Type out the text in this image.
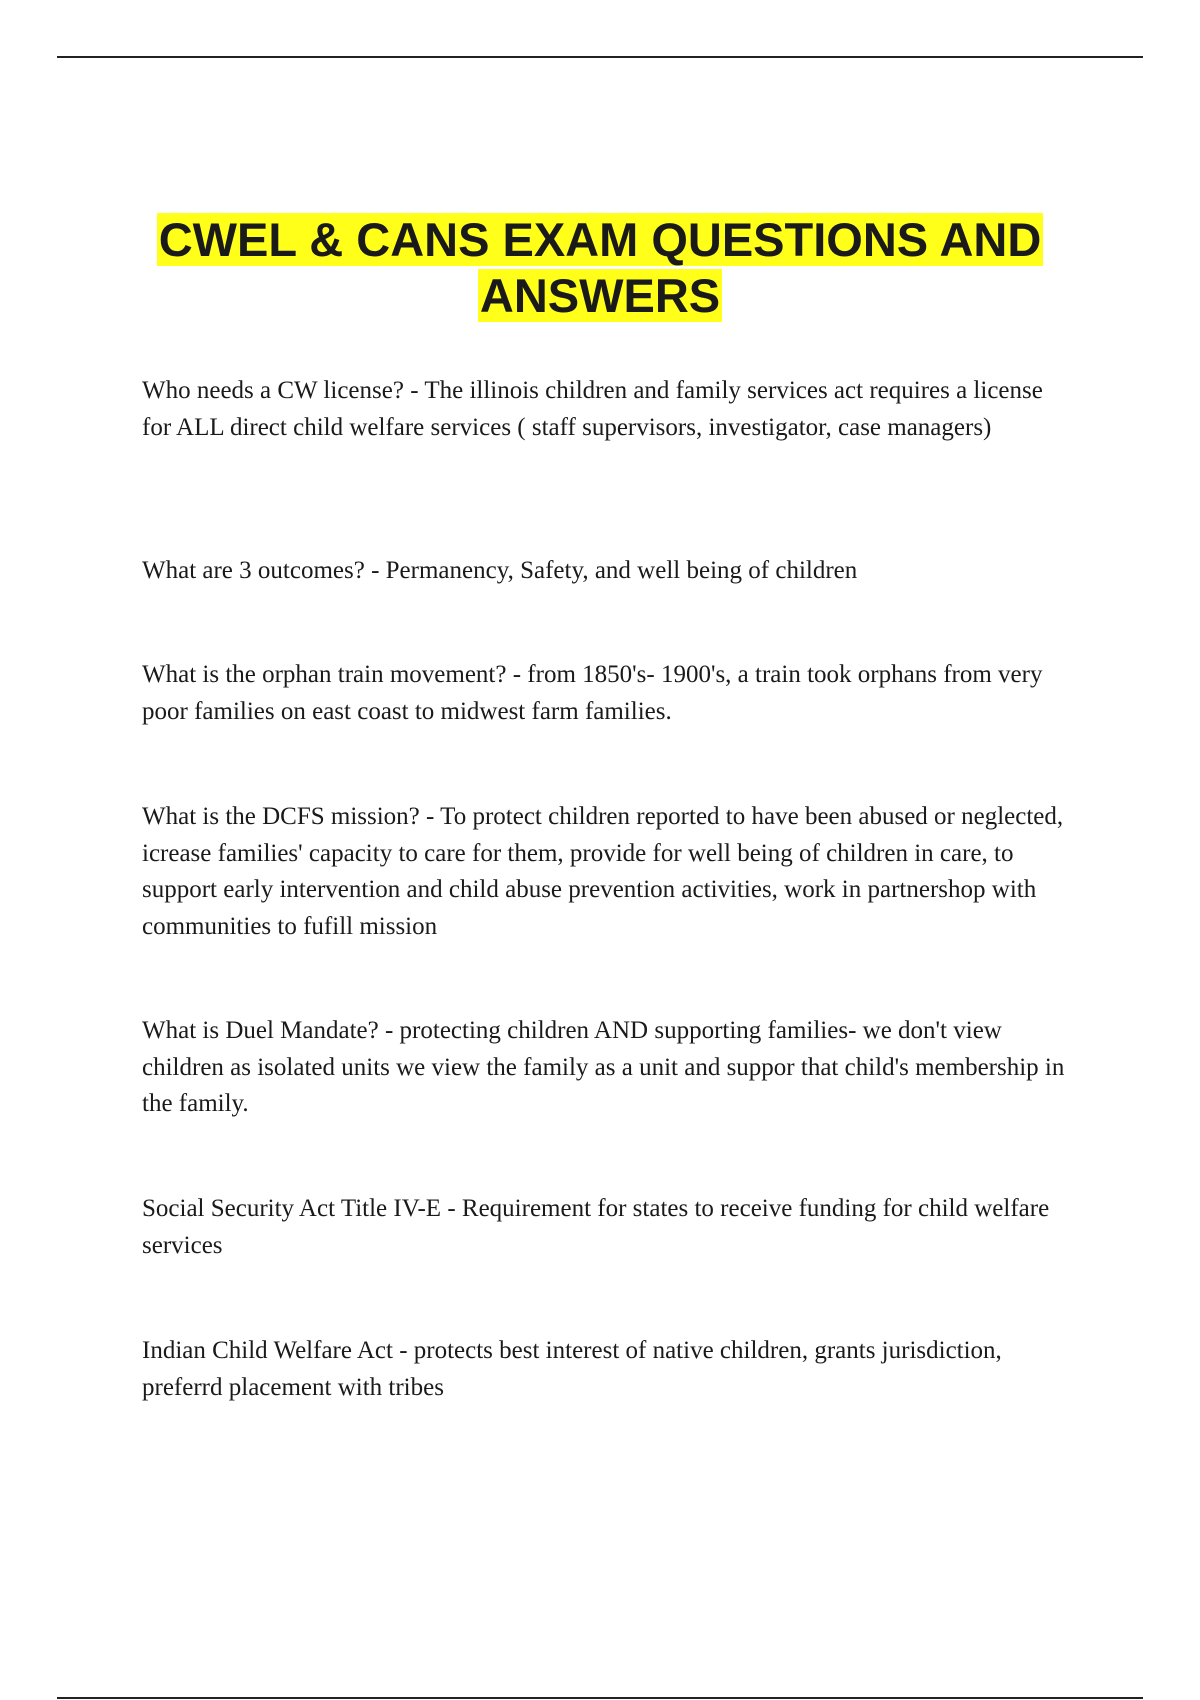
CWEL & CANS EXAM QUESTIONS AND
ANSWERS

Who needs a CW license? - The illinois children and family services act requires a license for ALL direct child welfare services ( staff supervisors, investigator, case managers)

What are 3 outcomes? - Permanency, Safety, and well being of children

What is the orphan train movement? - from 1850's- 1900's, a train took orphans from very poor families on east coast to midwest farm families.

What is the DCFS mission? - To protect children reported to have been abused or neglected, icrease families' capacity to care for them, provide for well being of children in care, to support early intervention and child abuse prevention activities, work in partnershop with communities to fufill mission

What is Duel Mandate? - protecting children AND supporting families- we don't view children as isolated units we view the family as a unit and suppor that child's membership in the family.

Social Security Act Title IV-E - Requirement for states to receive funding for child welfare services

Indian Child Welfare Act - protects best interest of native children, grants jurisdiction, preferrd placement with tribes
